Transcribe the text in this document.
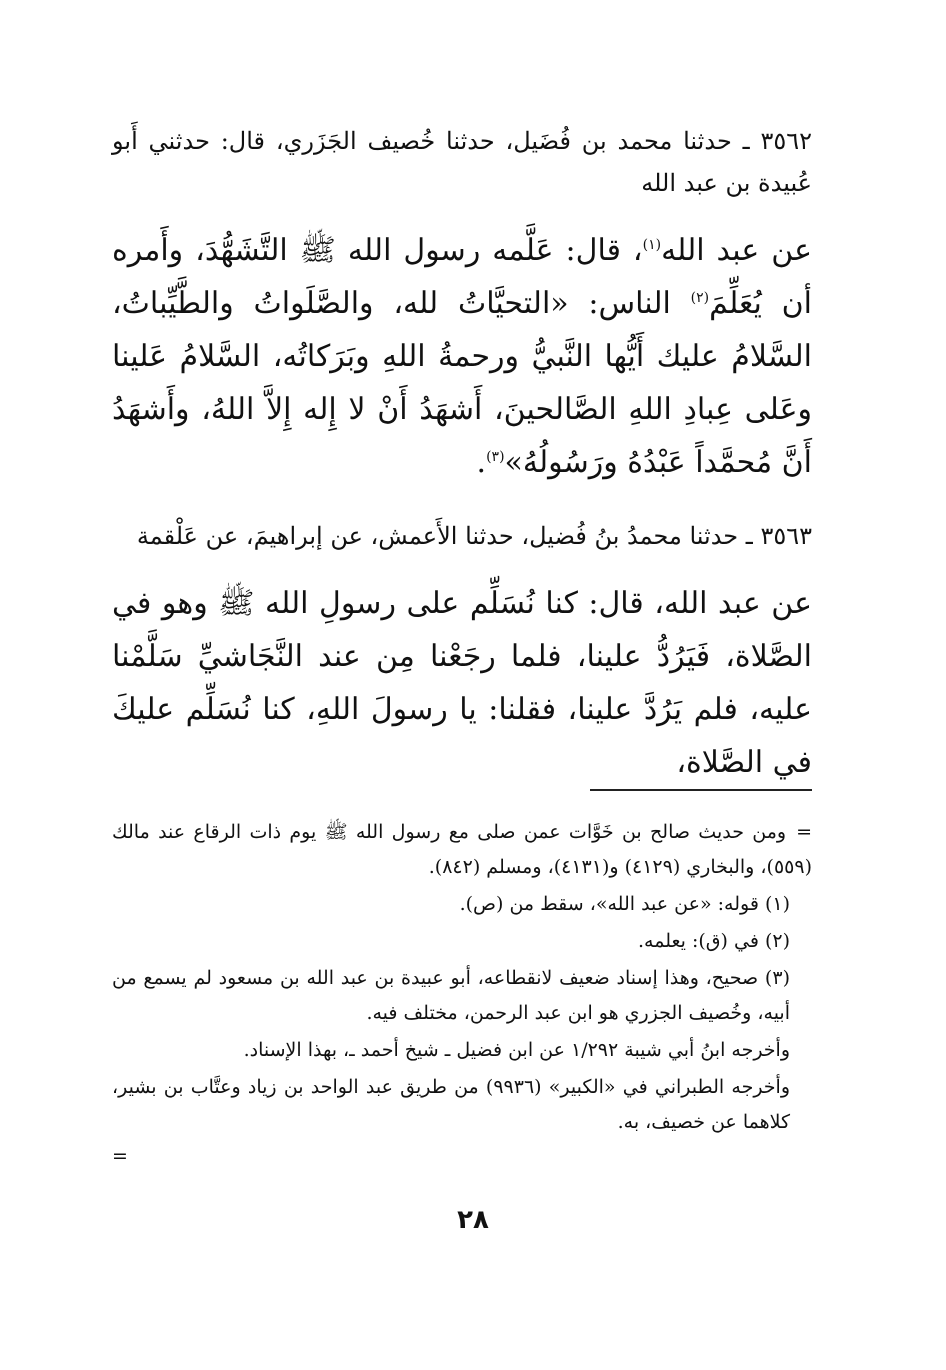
٣٥٦٢ ـ حدثنا محمد بن فُضَيل، حدثنا خُصيف الجَزَري، قال: حدثني أَبو عُبيدة بن عبد الله

عن عبد الله$^{(١)}$، قال: عَلَّمه رسول الله ﷺ التَّشَهُّدَ، وأَمره أن يُعَلِّمَ$^{(٢)}$ الناس: «التحيَّاتُ لله، والصَّلَواتُ والطَّيِّباتُ، السَّلامُ عليك أَيُّها النَّبيُّ ورحمةُ اللهِ وبَرَكاتُه، السَّلامُ عَلينا وعَلى عِبادِ اللهِ الصَّالحينَ، أَشهَدُ أَنْ لا إِله إِلاَّ اللهُ، وأَشهَدُ أَنَّ مُحمَّداً عَبْدُهُ ورَسُولُهُ»$^{(٣)}$.

٣٥٦٣ ـ حدثنا محمدُ بنُ فُضيل، حدثنا الأَعمش، عن إبراهيمَ، عن عَلْقمة

عن عبد الله، قال: كنا نُسَلِّم على رسولِ الله ﷺ وهو في الصَّلاة، فَيَرُدُّ علينا، فلما رجَعْنا مِن عند النَّجَاشيِّ سَلَّمْنا عليه، فلم يَرُدَّ علينا، فقلنا: يا رسولَ اللهِ، كنا نُسَلِّم عليكَ في الصَّلاة،

=ومن حديث صالح بن خَوَّات عمن صلى مع رسول الله ﷺ يوم ذات الرقاع عند مالك (٥٥٩)، والبخاري (٤١٢٩) و(٤١٣١)، ومسلم (٨٤٢).

(١) قوله: «عن عبد الله»، سقط من (ص).

(٢) في (ق): يعلمه.

(٣) صحيح، وهذا إسناد ضعيف لانقطاعه، أبو عبيدة بن عبد الله بن مسعود لم يسمع من أبيه، وخُصيف الجزري هو ابن عبد الرحمن، مختلف فيه.

وأخرجه ابنُ أبي شيبة ١/٢٩٢ عن ابن فضيل ـ شيخ أحمد ـ، بهذا الإسناد.

وأخرجه الطبراني في «الكبير» (٩٩٣٦) من طريق عبد الواحد بن زياد وعتَّاب بن بشير، كلاهما عن خصيف، به.

=
٢٨
